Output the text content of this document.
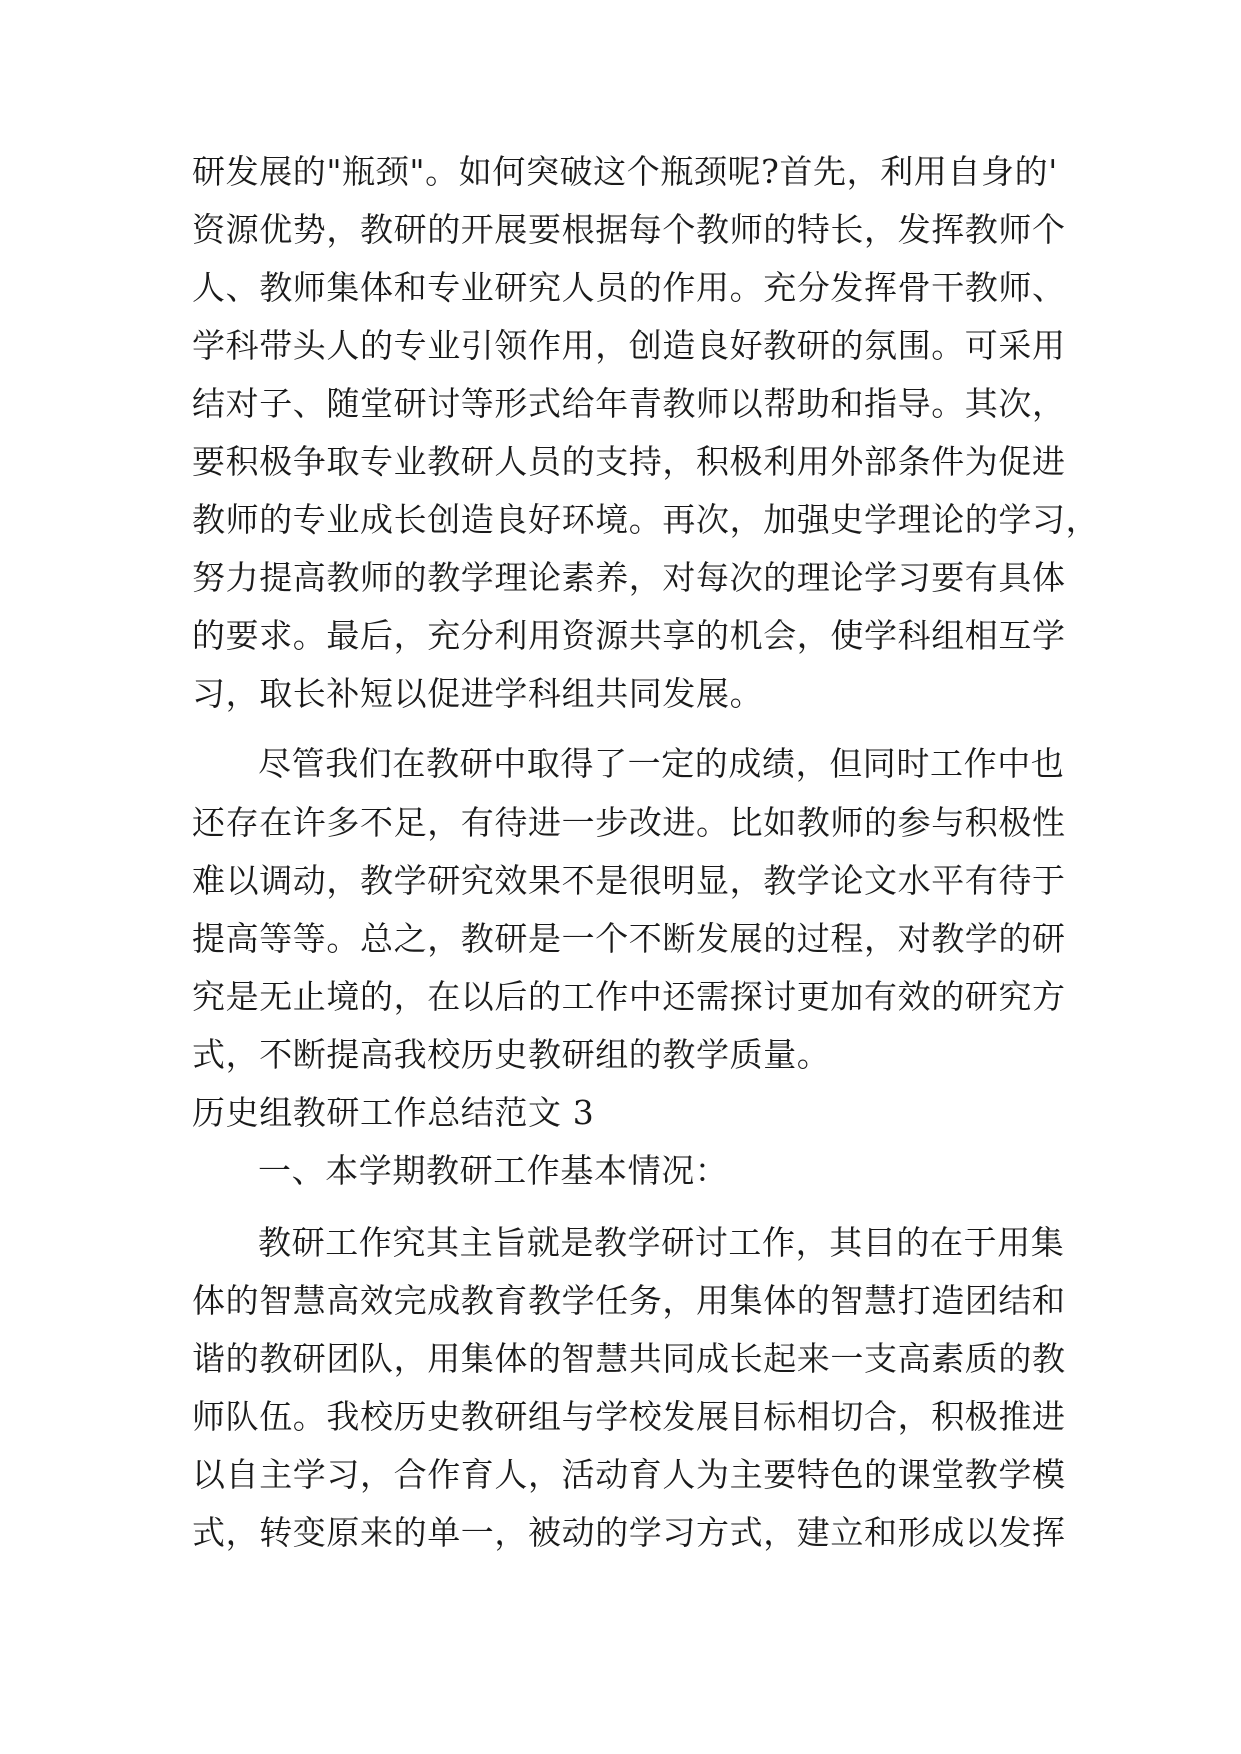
研发展的"瓶颈"。如何突破这个瓶颈呢?首先，利用自身的'

资源优势，教研的开展要根据每个教师的特长，发挥教师个

人、教师集体和专业研究人员的作用。充分发挥骨干教师、

学科带头人的专业引领作用，创造良好教研的氛围。可采用

结对子、随堂研讨等形式给年青教师以帮助和指导。其次，

要积极争取专业教研人员的支持，积极利用外部条件为促进

教师的专业成长创造良好环境。再次，加强史学理论的学习，

努力提高教师的教学理论素养，对每次的理论学习要有具体

的要求。最后，充分利用资源共享的机会，使学科组相互学

习，取长补短以促进学科组共同发展。

尽管我们在教研中取得了一定的成绩，但同时工作中也

还存在许多不足，有待进一步改进。比如教师的参与积极性

难以调动，教学研究效果不是很明显，教学论文水平有待于

提高等等。总之，教研是一个不断发展的过程，对教学的研

究是无止境的，在以后的工作中还需探讨更加有效的研究方

式，不断提高我校历史教研组的教学质量。

历史组教研工作总结范文 3

一、本学期教研工作基本情况：

教研工作究其主旨就是教学研讨工作，其目的在于用集

体的智慧高效完成教育教学任务，用集体的智慧打造团结和

谐的教研团队，用集体的智慧共同成长起来一支高素质的教

师队伍。我校历史教研组与学校发展目标相切合，积极推进

以自主学习，合作育人，活动育人为主要特色的课堂教学模

式，转变原来的单一，被动的学习方式，建立和形成以发挥
